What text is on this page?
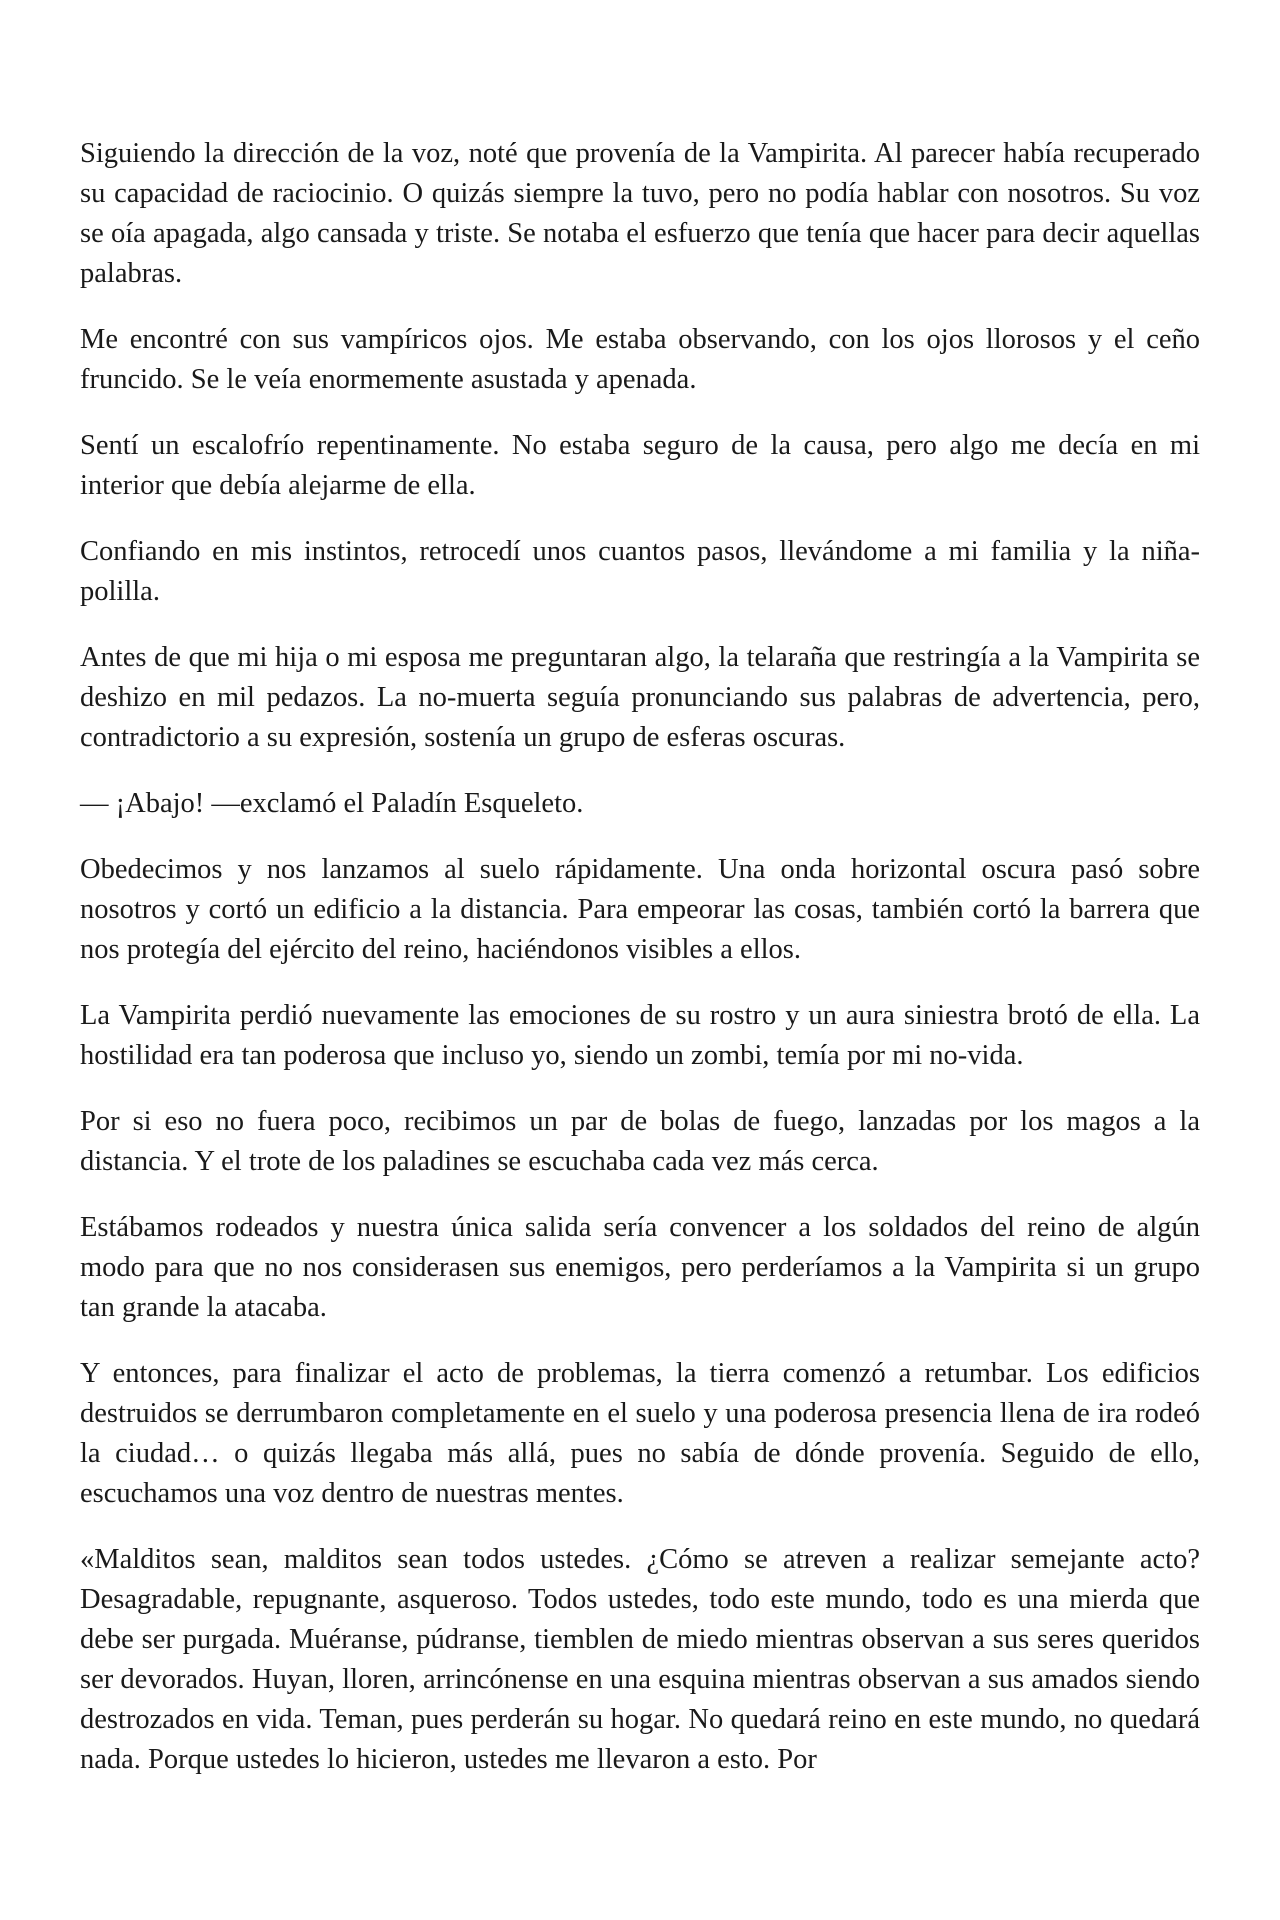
Siguiendo la dirección de la voz, noté que provenía de la Vampirita. Al parecer había recuperado su capacidad de raciocinio. O quizás siempre la tuvo, pero no podía hablar con nosotros. Su voz se oía apagada, algo cansada y triste. Se notaba el esfuerzo que tenía que hacer para decir aquellas palabras.

Me encontré con sus vampíricos ojos. Me estaba observando, con los ojos llorosos y el ceño fruncido. Se le veía enormemente asustada y apenada.

Sentí un escalofrío repentinamente. No estaba seguro de la causa, pero algo me decía en mi interior que debía alejarme de ella.

Confiando en mis instintos, retrocedí unos cuantos pasos, llevándome a mi familia y la niña-polilla.

Antes de que mi hija o mi esposa me preguntaran algo, la telaraña que restringía a la Vampirita se deshizo en mil pedazos. La no-muerta seguía pronunciando sus palabras de advertencia, pero, contradictorio a su expresión, sostenía un grupo de esferas oscuras.

— ¡Abajo! —exclamó el Paladín Esqueleto.

Obedecimos y nos lanzamos al suelo rápidamente. Una onda horizontal oscura pasó sobre nosotros y cortó un edificio a la distancia. Para empeorar las cosas, también cortó la barrera que nos protegía del ejército del reino, haciéndonos visibles a ellos.

La Vampirita perdió nuevamente las emociones de su rostro y un aura siniestra brotó de ella. La hostilidad era tan poderosa que incluso yo, siendo un zombi, temía por mi no-vida.

Por si eso no fuera poco, recibimos un par de bolas de fuego, lanzadas por los magos a la distancia. Y el trote de los paladines se escuchaba cada vez más cerca.

Estábamos rodeados y nuestra única salida sería convencer a los soldados del reino de algún modo para que no nos considerasen sus enemigos, pero perderíamos a la Vampirita si un grupo tan grande la atacaba.

Y entonces, para finalizar el acto de problemas, la tierra comenzó a retumbar. Los edificios destruidos se derrumbaron completamente en el suelo y una poderosa presencia llena de ira rodeó la ciudad… o quizás llegaba más allá, pues no sabía de dónde provenía. Seguido de ello, escuchamos una voz dentro de nuestras mentes.

«Malditos sean, malditos sean todos ustedes. ¿Cómo se atreven a realizar semejante acto? Desagradable, repugnante, asqueroso. Todos ustedes, todo este mundo, todo es una mierda que debe ser purgada. Muéranse, púdranse, tiemblen de miedo mientras observan a sus seres queridos ser devorados. Huyan, lloren, arrincónense en una esquina mientras observan a sus amados siendo destrozados en vida. Teman, pues perderán su hogar. No quedará reino en este mundo, no quedará nada. Porque ustedes lo hicieron, ustedes me llevaron a esto. Por
